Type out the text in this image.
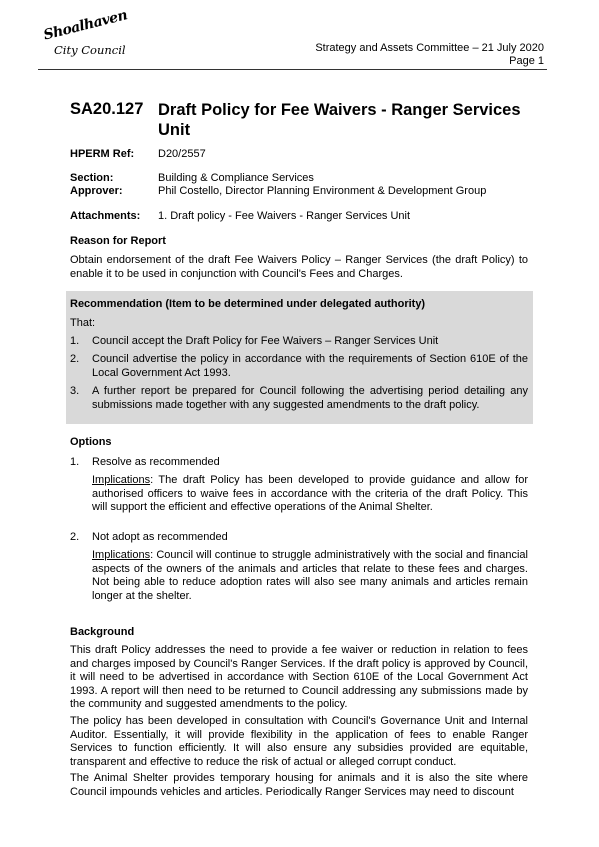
Shoalhaven
City Council	Strategy and Assets Committee – 21 July 2020
Page 1
SA20.127 Draft Policy for Fee Waivers - Ranger Services Unit
HPERM Ref: D20/2557
Section:	Building & Compliance Services
Approver:	Phil Costello, Director Planning Environment & Development Group
Attachments: 1. Draft policy - Fee Waivers - Ranger Services Unit
Reason for Report
Obtain endorsement of the draft Fee Waivers Policy – Ranger Services (the draft Policy) to enable it to be used in conjunction with Council's Fees and Charges.
Recommendation (Item to be determined under delegated authority)
That:
1. Council accept the Draft Policy for Fee Waivers – Ranger Services Unit
2. Council advertise the policy in accordance with the requirements of Section 610E of the Local Government Act 1993.
3. A further report be prepared for Council following the advertising period detailing any submissions made together with any suggested amendments to the draft policy.
Options
1. Resolve as recommended
Implications: The draft Policy has been developed to provide guidance and allow for authorised officers to waive fees in accordance with the criteria of the draft Policy. This will support the efficient and effective operations of the Animal Shelter.
2. Not adopt as recommended
Implications: Council will continue to struggle administratively with the social and financial aspects of the owners of the animals and articles that relate to these fees and charges. Not being able to reduce adoption rates will also see many animals and articles remain longer at the shelter.
Background
This draft Policy addresses the need to provide a fee waiver or reduction in relation to fees and charges imposed by Council's Ranger Services. If the draft policy is approved by Council, it will need to be advertised in accordance with Section 610E of the Local Government Act 1993. A report will then need to be returned to Council addressing any submissions made by the community and suggested amendments to the policy.
The policy has been developed in consultation with Council's Governance Unit and Internal Auditor. Essentially, it will provide flexibility in the application of fees to enable Ranger Services to function efficiently. It will also ensure any subsidies provided are equitable, transparent and effective to reduce the risk of actual or alleged corrupt conduct.
The Animal Shelter provides temporary housing for animals and it is also the site where Council impounds vehicles and articles. Periodically Ranger Services may need to discount
